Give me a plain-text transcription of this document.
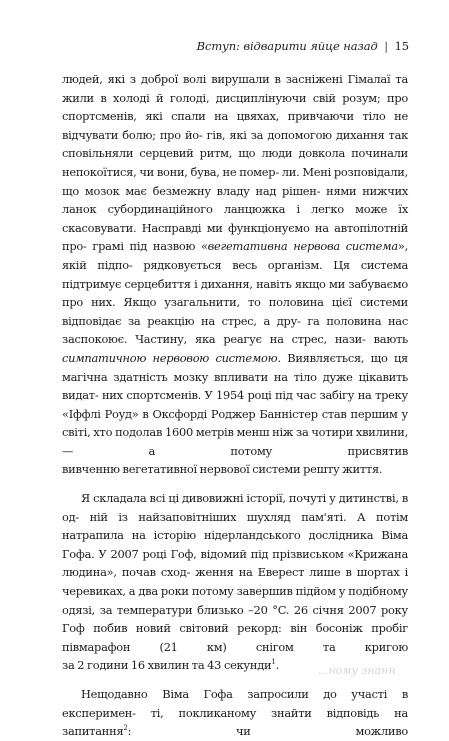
Вступ: відварити яйце назад | 15

людей, які з доброї волі вирушали в засніжені Гімалаї та жили в холоді й голоді, дисциплінуючи свій розум; про спортсменів, які спали на цвяхах, привчаючи тіло не відчувати болю; про йо- гів, які за допомогою дихання так сповільняли серцевий ритм, що люди довкола починали непокоїтися, чи вони, бува, не помер- ли. Мені розповідали, що мозок має безмежну владу над рішен- нями нижчих ланок субординаційного ланцюжка і легко може їх скасовувати. Насправді ми функціонуємо на автопілотній про- грамі під назвою «вегетативна нервова система», якій підпо- рядковується весь організм. Ця система підтримує серцебиття і дихання, навіть якщо ми забуваємо про них. Якщо узагальнити, то половина цієї системи відповідає за реакцію на стрес, а дру- га половина нас заспокоює. Частину, яка реагує на стрес, нази- вають симпатичною нервовою системою. Виявляється, що ця магічна здатність мозку впливати на тіло дуже цікавить видат- них спортсменів. У 1954 році під час забігу на треку «Іффлі Роуд» в Оксфорді Роджер Банністер став першим у світі, хто подолав 1600 метрів менш ніж за чотири хвилини, — а потому присвятив

вивченню вегетативної нервової системи решту життя.

Я складала всі ці дивовижні історії, почуті у дитинстві, в од- ній із найзаповітніших шухляд пам'яті. А потім натрапила на історію нідерландського дослідника Віма Гофа. У 2007 році Гоф, відомий під прізвиськом «Крижана людина», почав сход- ження на Еверест лише в шортах і черевиках, а два роки потому завершив підйом у подібному одязі, за температури близько –20 °C. 26 січня 2007 року Гоф побив новий світовий рекорд: він босоніж пробіг півмарафон (21 км) снігом та кригою

за 2 години 16 хвилин та 43 секунди$^1$.

Нещодавно Віма Гофа запросили до участі в експеримен- ті, покликаному знайти відповідь на запитання$^2$: чи можливо

...ному знанн
